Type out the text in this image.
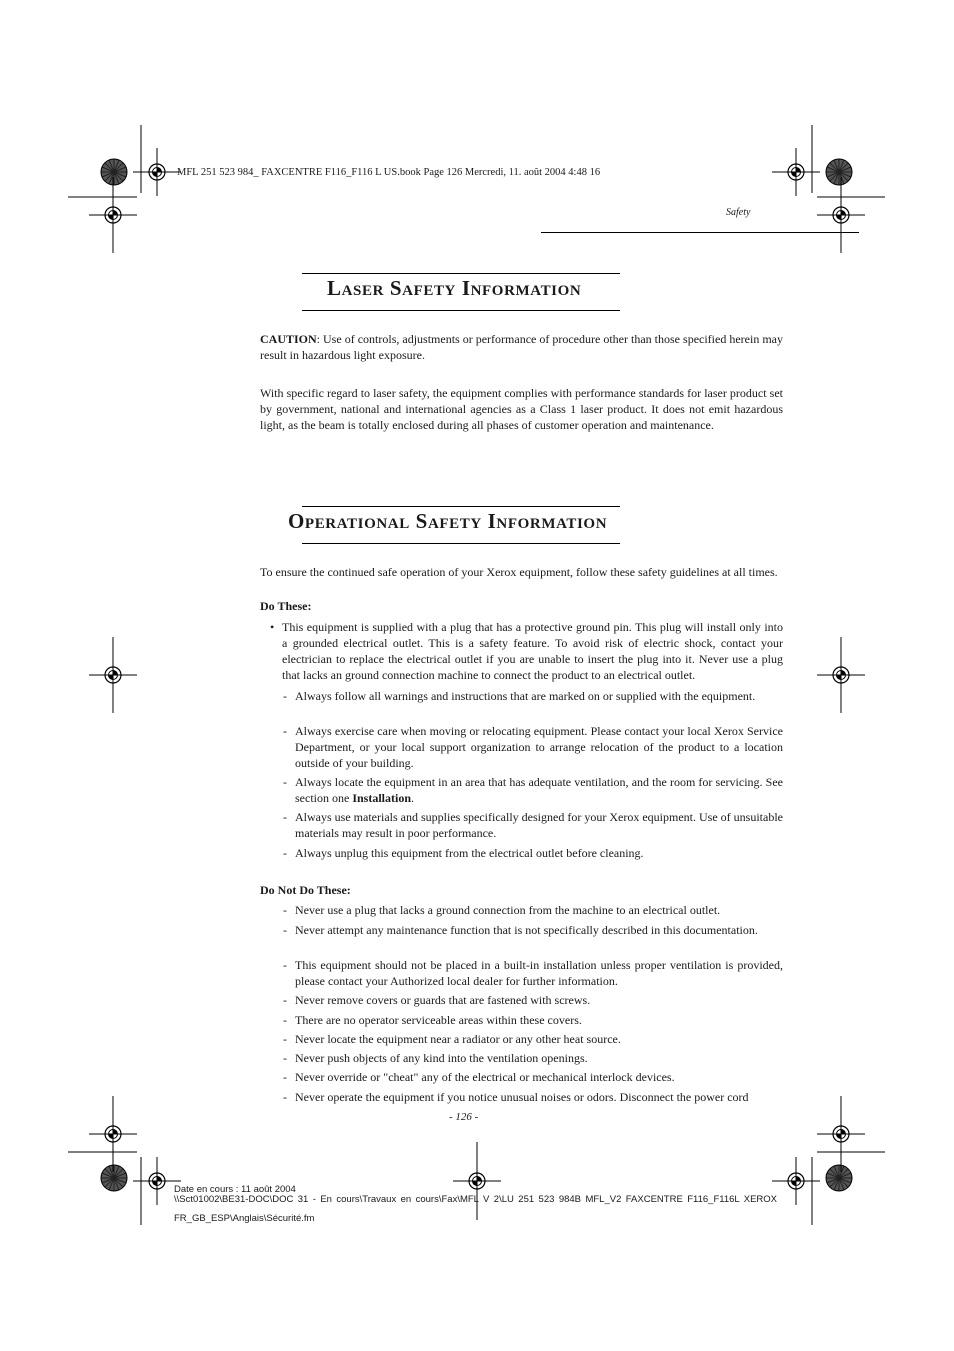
MFL 251 523 984_ FAXCENTRE F116_F116 L US.book Page 126 Mercredi, 11. août 2004 4:48 16
Safety
Laser Safety Information
CAUTION: Use of controls, adjustments or performance of procedure other than those specified herein may result in hazardous light exposure.
With specific regard to laser safety, the equipment complies with performance standards for laser product set by government, national and international agencies as a Class 1 laser product. It does not emit hazardous light, as the beam is totally enclosed during all phases of customer operation and maintenance.
Operational Safety Information
To ensure the continued safe operation of your Xerox equipment, follow these safety guidelines at all times.
Do These:
• This equipment is supplied with a plug that has a protective ground pin. This plug will install only into a grounded electrical outlet. This is a safety feature. To avoid risk of electric shock, contact your electrician to replace the electrical outlet if you are unable to insert the plug into it. Never use a plug that lacks an ground connection machine to connect the product to an electrical outlet.
- Always follow all warnings and instructions that are marked on or supplied with the equipment.
- Always exercise care when moving or relocating equipment. Please contact your local Xerox Service Department, or your local support organization to arrange relocation of the product to a location outside of your building.
- Always locate the equipment in an area that has adequate ventilation, and the room for servicing. See section one Installation.
- Always use materials and supplies specifically designed for your Xerox equipment. Use of unsuitable materials may result in poor performance.
- Always unplug this equipment from the electrical outlet before cleaning.
Do Not Do These:
- Never use a plug that lacks a ground connection from the machine to an electrical outlet.
- Never attempt any maintenance function that is not specifically described in this documentation.
- This equipment should not be placed in a built-in installation unless proper ventilation is provided, please contact your Authorized local dealer for further information.
- Never remove covers or guards that are fastened with screws.
- There are no operator serviceable areas within these covers.
- Never locate the equipment near a radiator or any other heat source.
- Never push objects of any kind into the ventilation openings.
- Never override or "cheat" any of the electrical or mechanical interlock devices.
- Never operate the equipment if you notice unusual noises or odors. Disconnect the power cord
- 126 -
Date en cours : 11 août 2004
\\Sct01002\BE31-DOC\DOC 31 - En cours\Travaux en cours\Fax\MFL V 2\LU 251 523 984B MFL_V2 FAXCENTRE F116_F116L XEROX
FR_GB_ESP\Anglais\Sécurité.fm
